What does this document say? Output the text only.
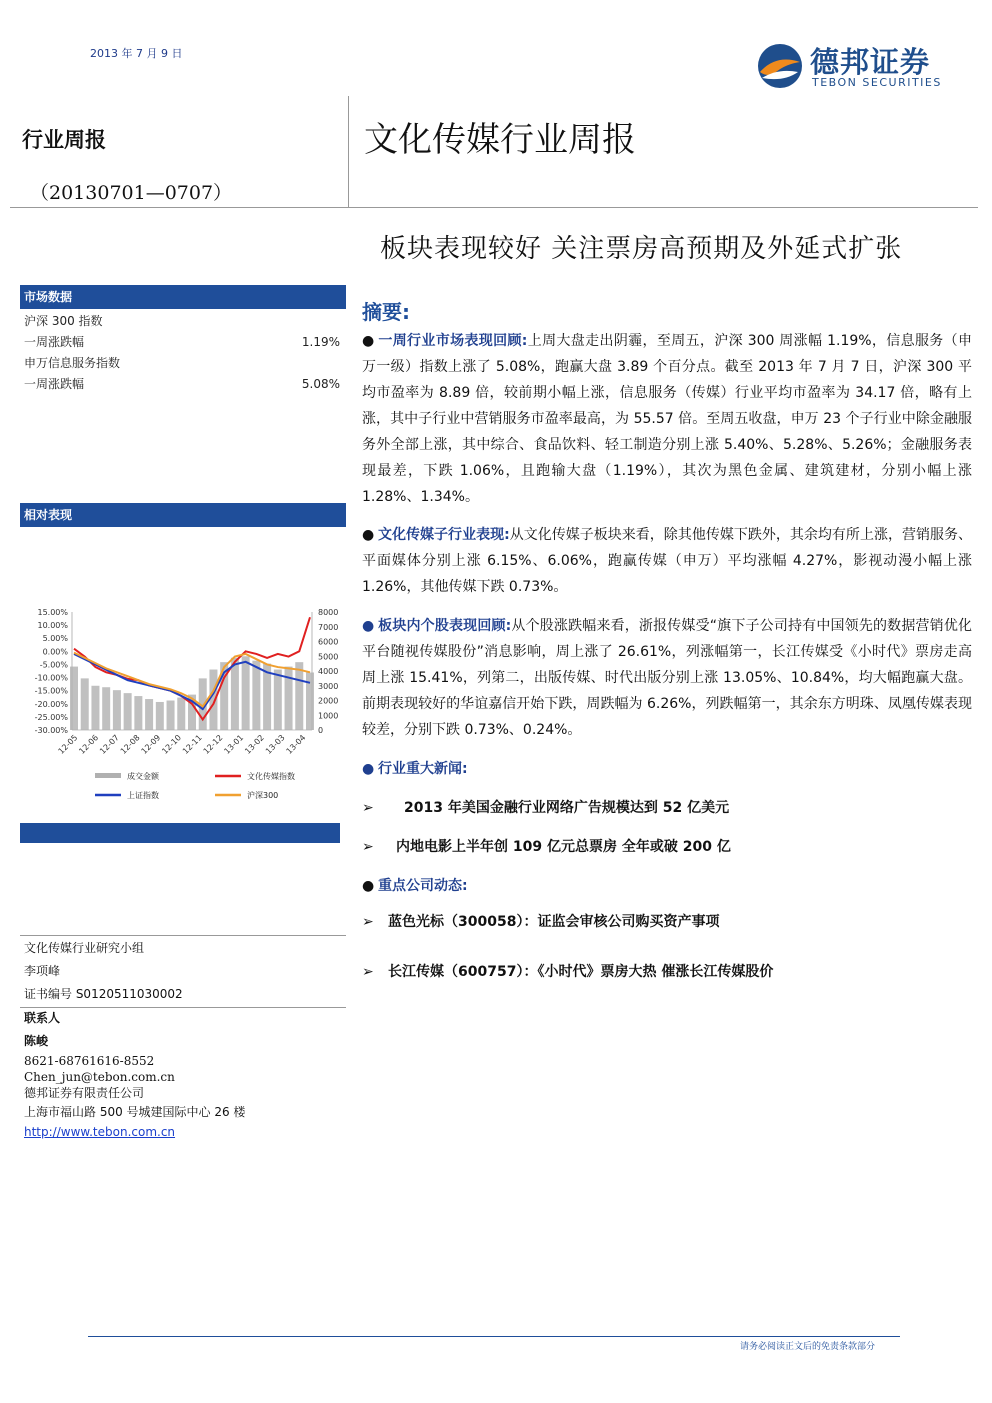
2013 年 7 月 9 日	德邦证券
TEBON SECURITIES
行业周报
（20130701—0707）
文化传媒行业周报
板块表现较好 关注票房高预期及外延式扩张
市场数据
沪深 300 指数
一周涨跌幅	1.19%
申万信息服务指数
一周涨跌幅	5.08%
相对表现
15.00%
10.00%
5.00%
0.00%
-5.00%
-10.00%
-15.00%
-20.00%
-25.00%
-30.00%
8000
7000
6000
5000
4000
3000
2000
1000
0
12-05
12-06
12-07
12-08
12-09
12-10
12-11
12-12
13-01
13-02
13-03
13-04
成交金额	文化传媒指数
上证指数	沪深300
文化传媒行业研究小组
李项峰
证书编号 S0120511030002
联系人
陈峻
8621-68761616-8552
Chen_jun@tebon.com.cn
德邦证券有限责任公司
上海市福山路 500 号城建国际中心 26 楼
http://www.tebon.com.cn
摘要:
● 一周行业市场表现回顾:上周大盘走出阴霾，至周五，沪深 300 周涨幅 1.19%，信息服务（申万一级）指数上涨了 5.08%，跑赢大盘 3.89 个百分点。截至 2013 年 7 月 7 日，沪深 300 平均市盈率为 8.89 倍，较前期小幅上涨，信息服务（传媒）行业平均市盈率为 34.17 倍，略有上涨，其中子行业中营销服务市盈率最高，为 55.57 倍。至周五收盘，申万 23 个子行业中除金融服务外全部上涨，其中综合、食品饮料、轻工制造分别上涨 5.40%、5.28%、5.26%；金融服务表现最差，下跌 1.06%，且跑输大盘（1.19%），其次为黑色金属、建筑建材，分别小幅上涨 1.28%、1.34%。
● 文化传媒子行业表现:从文化传媒子板块来看，除其他传媒下跌外，其余均有所上涨，营销服务、平面媒体分别上涨 6.15%、6.06%，跑赢传媒（申万）平均涨幅 4.27%，影视动漫小幅上涨 1.26%，其他传媒下跌 0.73%。
● 板块内个股表现回顾:从个股涨跌幅来看，浙报传媒受“旗下子公司持有中国领先的数据营销优化平台随视传媒股份”消息影响，周上涨了 26.61%，列涨幅第一，长江传媒受《小时代》票房走高周上涨 15.41%，列第二，出版传媒、时代出版分别上涨 13.05%、10.84%，均大幅跑赢大盘。前期表现较好的华谊嘉信开始下跌，周跌幅为 6.26%，列跌幅第一，其余东方明珠、凤凰传媒表现较差，分别下跌 0.73%、0.24%。
● 行业重大新闻:
➢ 2013 年美国金融行业网络广告规模达到 52 亿美元
➢ 内地电影上半年创 109 亿元总票房 全年或破 200 亿
● 重点公司动态:
➢ 蓝色光标（300058）：证监会审核公司购买资产事项
➢ 长江传媒（600757）：《小时代》票房大热 催涨长江传媒股价
请务必阅读正文后的免责条款部分
